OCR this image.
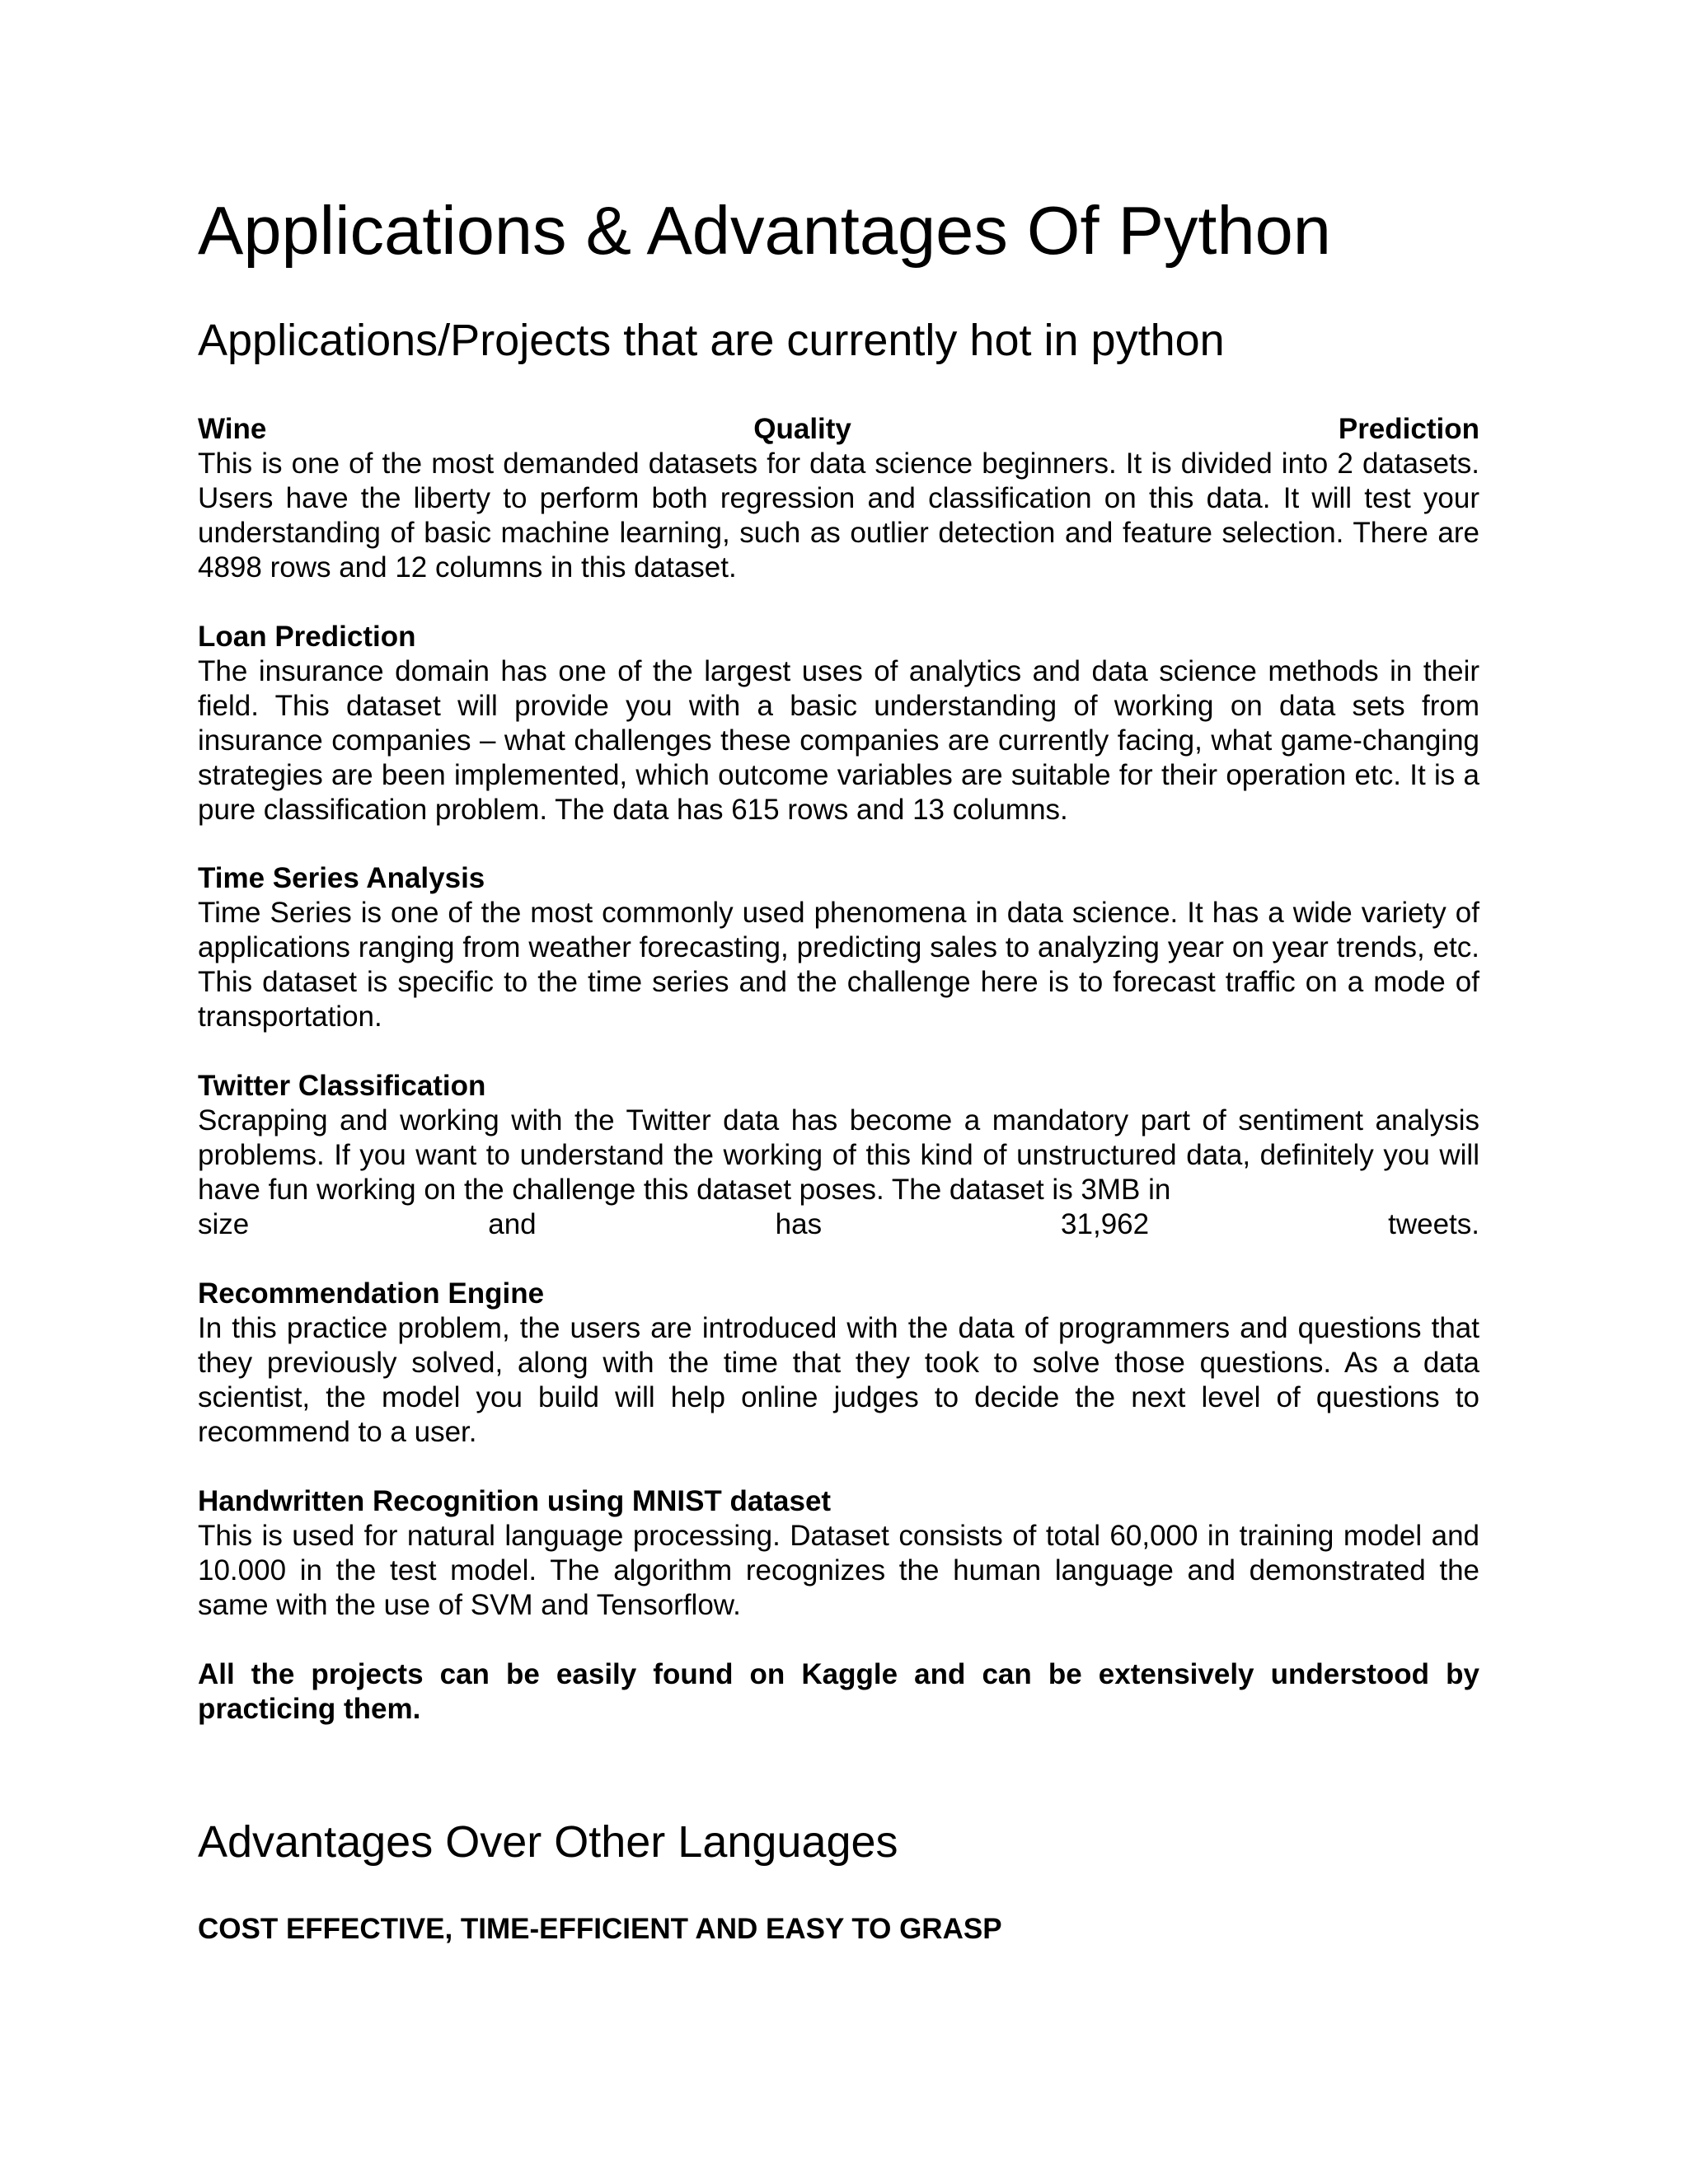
Applications & Advantages Of Python
Applications/Projects that are currently hot in python
Wine	Quality	Prediction

This is one of the most demanded datasets for data science beginners. It is divided into 2 datasets. Users have the liberty to perform both regression and classification on this data. It will test your understanding of basic machine learning, such as outlier detection and feature selection. There are 4898 rows and 12 columns in this dataset.

Loan Prediction

The insurance domain has one of the largest uses of analytics and data science methods in their field. This dataset will provide you with a basic understanding of working on data sets from insurance companies – what challenges these companies are currently facing, what game-changing strategies are been implemented, which outcome variables are suitable for their operation etc. It is a pure classification problem. The data has 615 rows and 13 columns.

Time Series Analysis

Time Series is one of the most commonly used phenomena in data science. It has a wide variety of applications ranging from weather forecasting, predicting sales to analyzing year on year trends, etc. This dataset is specific to the time series and the challenge here is to forecast traffic on a mode of transportation.

Twitter Classification

Scrapping and working with the Twitter data has become a mandatory part of sentiment analysis problems. If you want to understand the working of this kind of unstructured data, definitely you will have fun working on the challenge this dataset poses. The dataset is 3MB in

size and has 31,962 tweets.

Recommendation Engine

In this practice problem, the users are introduced with the data of programmers and questions that they previously solved, along with the time that they took to solve those questions. As a data scientist, the model you build will help online judges to decide the next level of questions to recommend to a user.

Handwritten Recognition using MNIST dataset

This is used for natural language processing. Dataset consists of total 60,000 in training model and 10.000 in the test model. The algorithm recognizes the human language and demonstrated the same with the use of SVM and Tensorflow.

All the projects can be easily found on Kaggle and can be extensively understood by practicing them.

Advantages Over Other Languages
COST EFFECTIVE, TIME-EFFICIENT AND EASY TO GRASP
